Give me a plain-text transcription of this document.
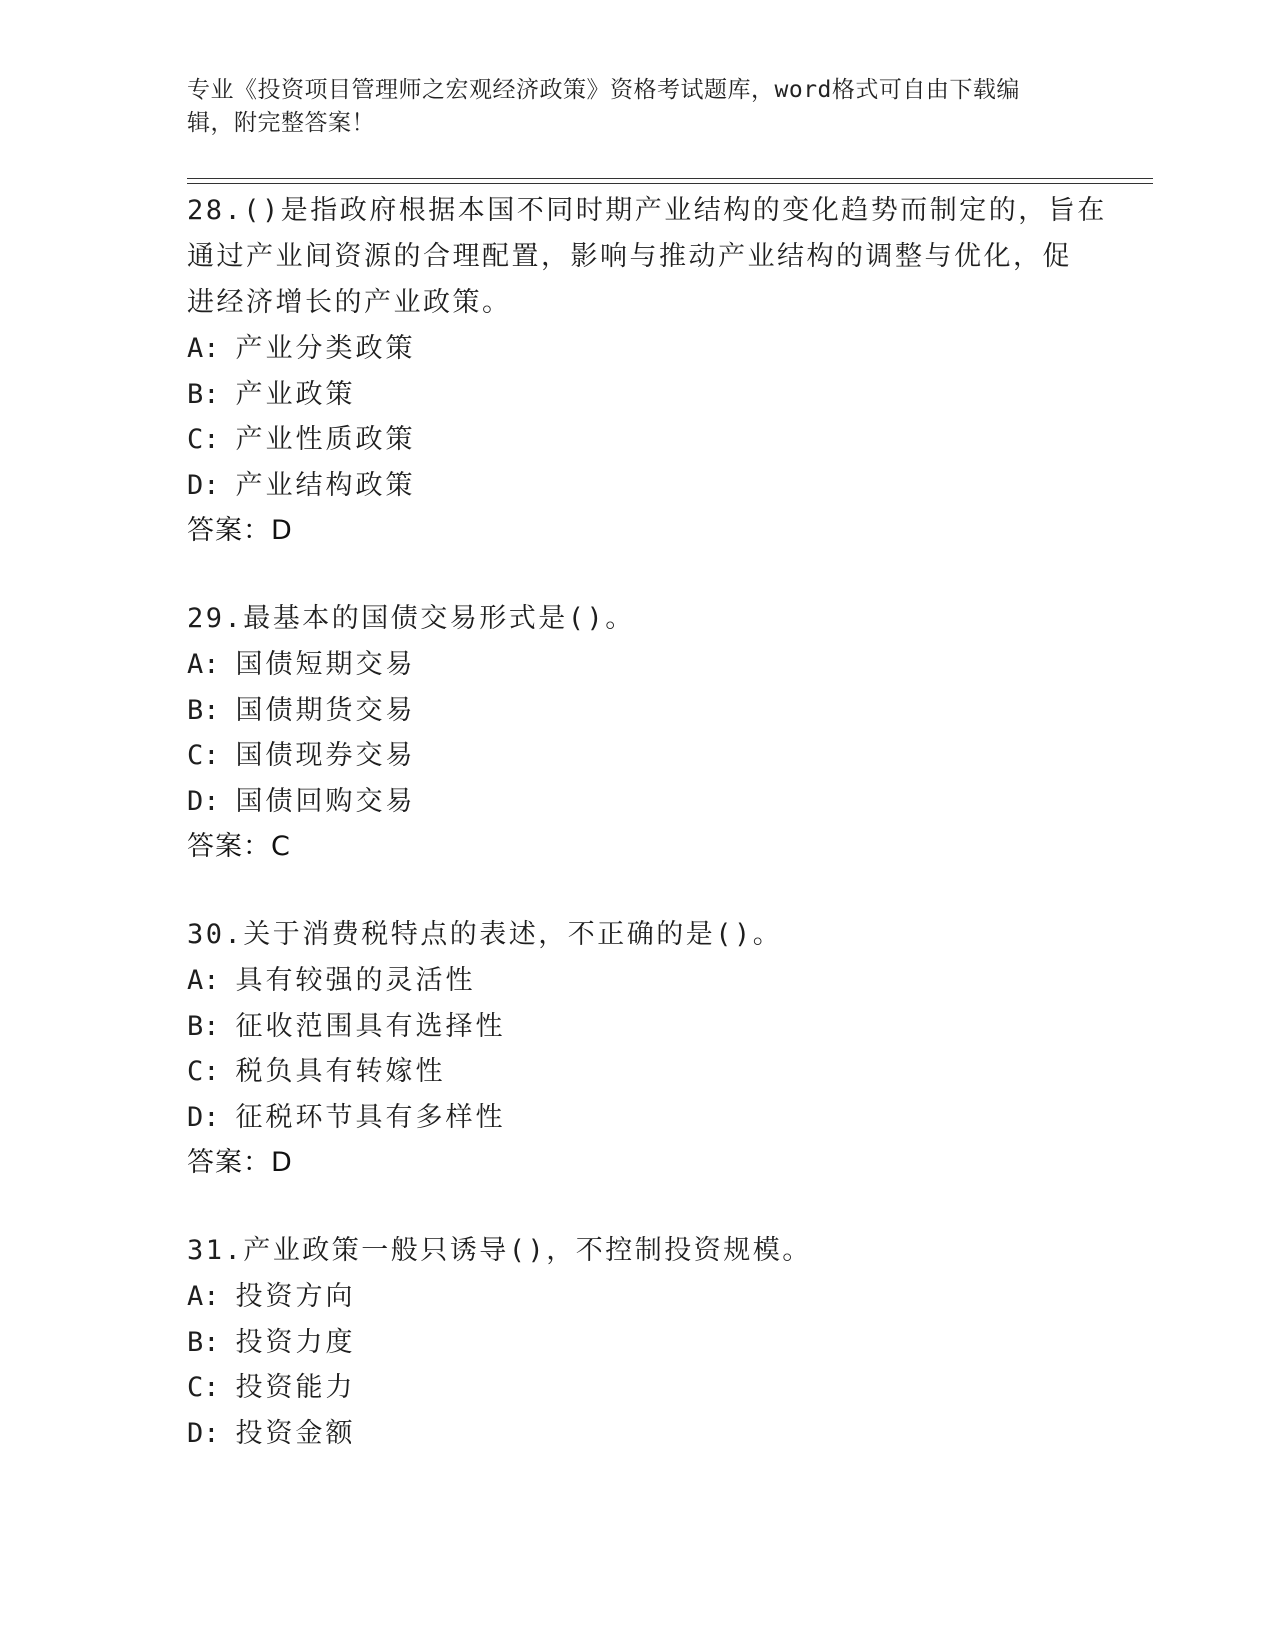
专业《投资项目管理师之宏观经济政策》资格考试题库，word格式可自由下载编
辑，附完整答案！
28.()是指政府根据本国不同时期产业结构的变化趋势而制定的，旨在
通过产业间资源的合理配置，影响与推动产业结构的调整与优化，促
进经济增长的产业政策。
A: 产业分类政策
B: 产业政策
C: 产业性质政策
D: 产业结构政策
答案：D
29.最基本的国债交易形式是()。
A: 国债短期交易
B: 国债期货交易
C: 国债现券交易
D: 国债回购交易
答案：C
30.关于消费税特点的表述，不正确的是()。
A: 具有较强的灵活性
B: 征收范围具有选择性
C: 税负具有转嫁性
D: 征税环节具有多样性
答案：D
31.产业政策一般只诱导()，不控制投资规模。
A: 投资方向
B: 投资力度
C: 投资能力
D: 投资金额
